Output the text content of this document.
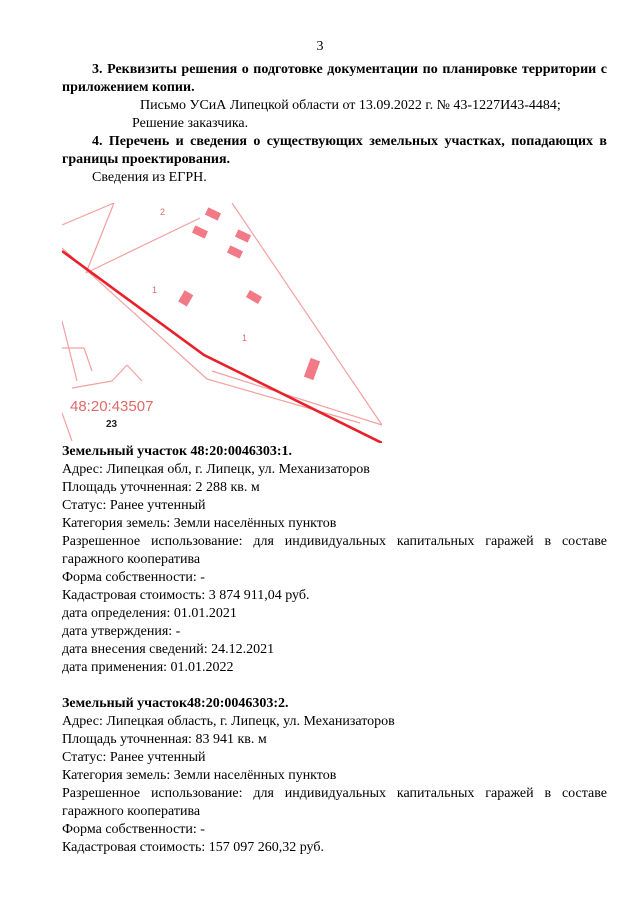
3

3. Реквизиты решения о подготовке документации по планировке территории с приложением копии.

Письмо УСиА Липецкой области от 13.09.2022 г. № 43-1227И43-4484;

Решение заказчика.

4. Перечень и сведения о существующих земельных участках, попадающих в границы проектирования.

Сведения из ЕГРН.

2
1
1
48:20:43507
23

Земельный участок 48:20:0046303:1.

Адрес: Липецкая обл, г. Липецк, ул. Механизаторов

Площадь уточненная: 2 288 кв. м

Статус: Ранее учтенный

Категория земель: Земли населённых пунктов

Разрешенное использование: для индивидуальных капитальных гаражей в составе гаражного кооператива

Форма собственности: -

Кадастровая стоимость: 3 874 911,04 руб.

дата определения: 01.01.2021

дата утверждения: -

дата внесения сведений: 24.12.2021

дата применения: 01.01.2022

Земельный участок48:20:0046303:2.

Адрес: Липецкая область, г. Липецк, ул. Механизаторов

Площадь уточненная: 83 941 кв. м

Статус: Ранее учтенный

Категория земель: Земли населённых пунктов

Разрешенное использование: для индивидуальных капитальных гаражей в составе гаражного кооператива

Форма собственности: -

Кадастровая стоимость: 157 097 260,32 руб.
